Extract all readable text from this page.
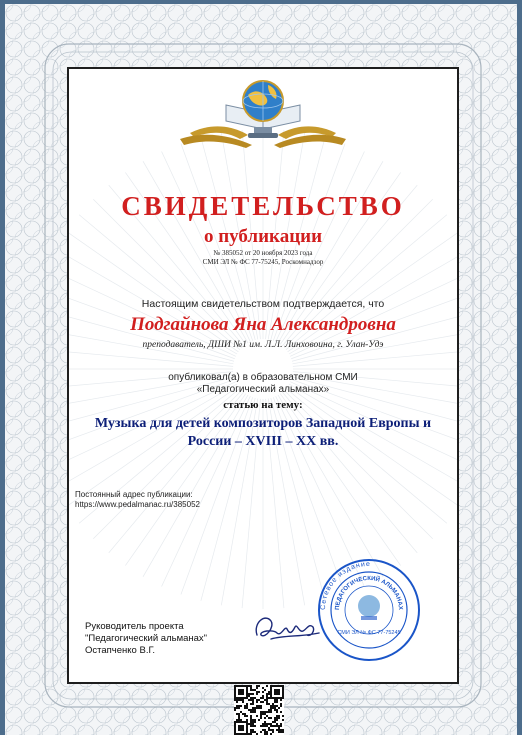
СВИДЕТЕЛЬСТВО
о публикации
№ 385052 от 20 ноября 2023 года
СМИ ЭЛ № ФС 77-75245, Роскомнадзор
Настоящим свидетельством подтверждается, что
Подгайнова Яна Александровна
преподаватель, ДШИ №1 им. Л.Л. Линховоина, г. Улан-Удэ
опубликовал(а) в образовательном СМИ
«Педагогический альманах»
статью на тему:
Музыка для детей композиторов Западной Европы и
России – XVIII – XX вв.
Постоянный адрес публикации:
https://www.pedalmanac.ru/385052
Руководитель проекта
"Педагогический альманах"
Остапченко В.Г.
Сетевое издание
ПЕДАГОГИЧЕСКИЙ АЛЬМАНАХ
СМИ ЭЛ № ФС 77-75245
